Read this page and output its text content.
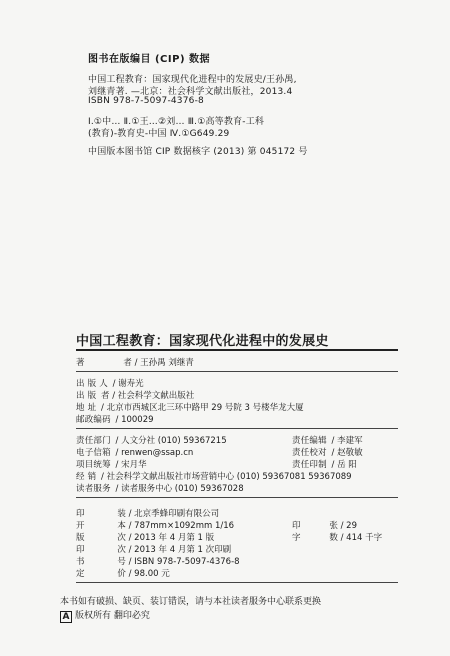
图书在版编目 (CIP) 数据
中国工程教育：国家现代化进程中的发展史/王孙禺,
刘继青著. —北京：社会科学文献出版社，2013.4
ISBN 978-7-5097-4376-8
Ⅰ.①中… Ⅱ.①王…②刘… Ⅲ.①高等教育-工科
(教育)-教育史-中国 Ⅳ.①G649.29
中国版本图书馆 CIP 数据核字 (2013) 第 045172 号
中国工程教育：国家现代化进程中的发展史
著	者 / 王孙禺 刘继青
出 版 人 / 谢寿光
出 版 者 / 社会科学文献出版社
地 址 / 北京市西城区北三环中路甲 29 号院 3 号楼华龙大厦
邮政编码 / 100029
责任部门 / 人文分社 (010) 59367215	责任编辑 / 李建军
电子信箱 / renwen@ssap.cn	责任校对 / 赵敬敏
项目统筹 / 宋月华	责任印制 / 岳 阳
经 销 / 社会科学文献出版社市场营销中心 (010) 59367081 59367089
读者服务 / 读者服务中心 (010) 59367028
印	装 / 北京季蜂印刷有限公司
开	本 / 787mm×1092mm 1/16	印	张 / 29
版	次 / 2013 年 4 月第 1 版	字	数 / 414 千字
印	次 / 2013 年 4 月第 1 次印刷
书	号 / ISBN 978-7-5097-4376-8
定	价 / 98.00 元
本书如有破损、缺页、装订错误，请与本社读者服务中心联系更换
A 版权所有 翻印必究
